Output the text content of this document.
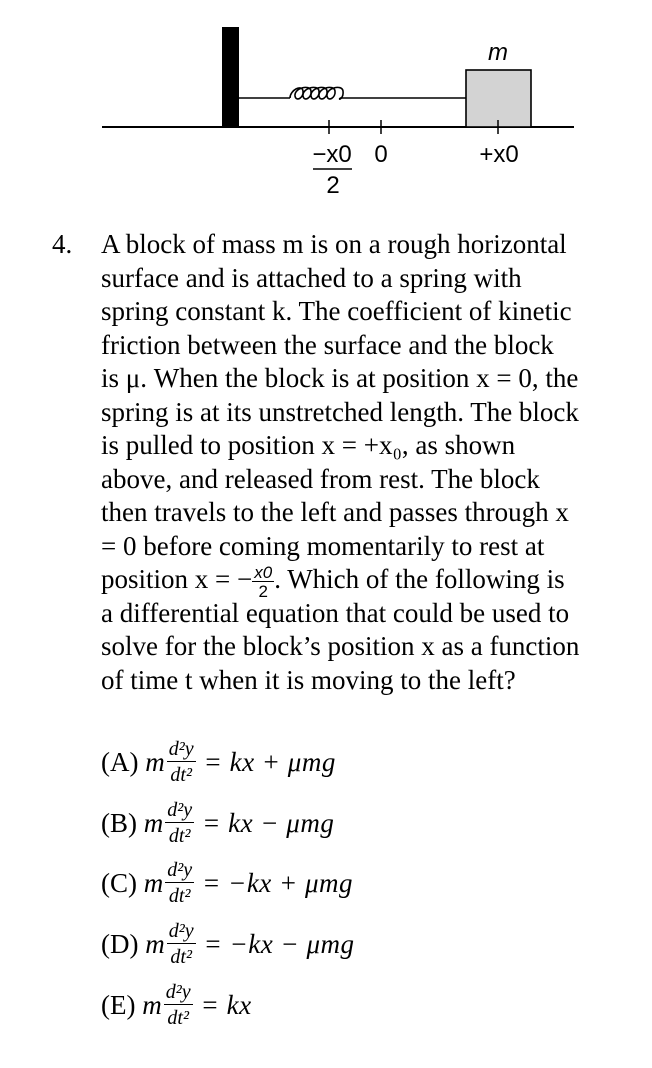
m
−x0
2
0	+x0
4. A block of mass m is on a rough horizontal
surface and is attached to a spring with
spring constant k. The coefficient of kinetic
friction between the surface and the block
is μ. When the block is at position x = 0, the
spring is at its unstretched length. The block
is pulled to position x = +x₀, as shown
above, and released from rest. The block
then travels to the left and passes through x
= 0 before coming momentarily to rest at
position x = − $\frac{x0}{2}$ . Which of the following is
a differential equation that could be used to
solve for the block’s position x as a function
of time t when it is moving to the left?
(A) m $\frac{\text{d²y}}{\text{dt²}}$ = kx + μmg
(B) m $\frac{\text{d²y}}{\text{dt²}}$ = kx − μmg
(C) m $\frac{\text{d²y}}{\text{dt²}} = -kx + \mu mg$
(D) m $\frac{\text{d²y}}{\text{dt²}} = -kx - \mu mg$
(E) m $\frac{\text{d²y}}{\text{dt²}}$ = kx
